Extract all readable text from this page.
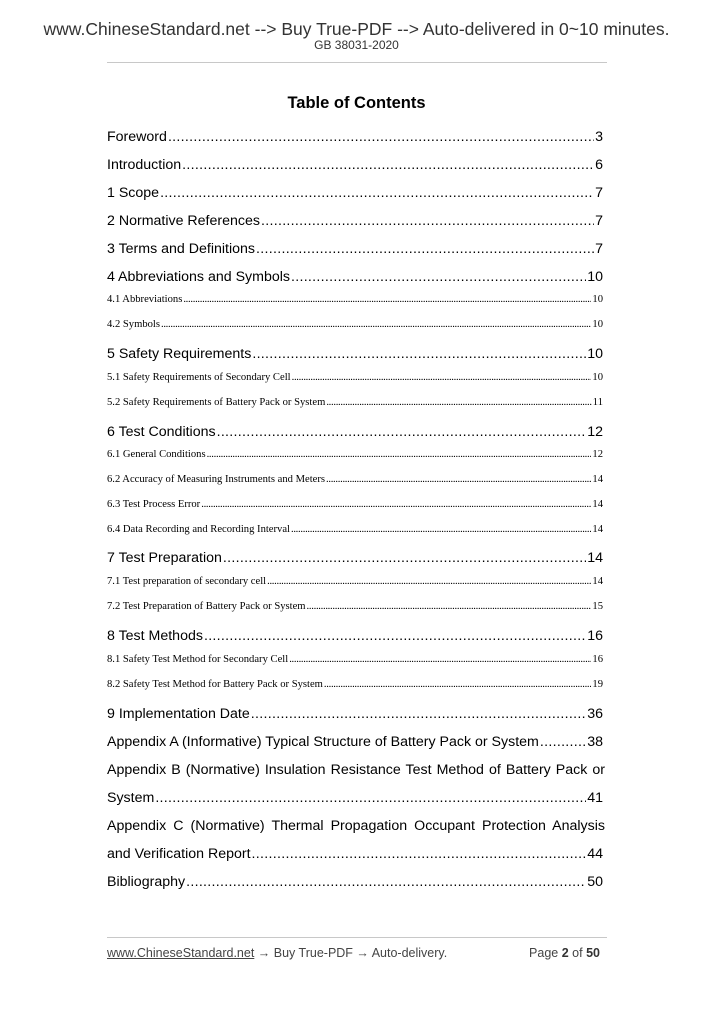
www.ChineseStandard.net --> Buy True-PDF --> Auto-delivered in 0~10 minutes.
GB 38031-2020
Table of Contents
Foreword .....	3
Introduction .....	6
1 Scope .....	7
2 Normative References .....	7
3 Terms and Definitions .....	7
4 Abbreviations and Symbols .....	10
4.1 Abbreviations .....	10
4.2 Symbols .....	10
5 Safety Requirements .....	10
5.1 Safety Requirements of Secondary Cell .....	10
5.2 Safety Requirements of Battery Pack or System .....	11
6 Test Conditions .....	12
6.1 General Conditions .....	12
6.2 Accuracy of Measuring Instruments and Meters .....	14
6.3 Test Process Error .....	14
6.4 Data Recording and Recording Interval .....	14
7 Test Preparation .....	14
7.1 Test preparation of secondary cell .....	14
7.2 Test Preparation of Battery Pack or System .....	15
8 Test Methods .....	16
8.1 Safety Test Method for Secondary Cell .....	16
8.2 Safety Test Method for Battery Pack or System .....	19
9 Implementation Date .....	36
Appendix A (Informative) Typical Structure of Battery Pack or System .....	38
Appendix B (Normative) Insulation Resistance Test Method of Battery Pack or
System .....	41
Appendix C (Normative) Thermal Propagation Occupant Protection Analysis
and Verification Report .....	44
Bibliography .....	50
www.ChineseStandard.net → Buy True-PDF → Auto-delivery.	Page 2 of 50
